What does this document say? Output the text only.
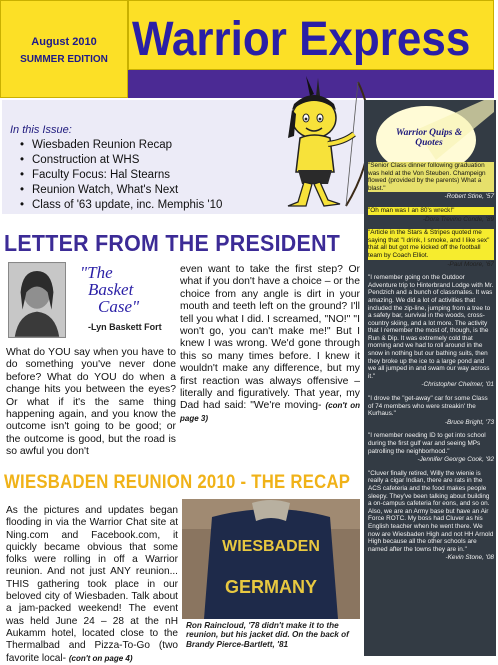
August 2010
SUMMER EDITION Warrior Express
In this Issue:
• Wiesbaden Reunion Recap
• Construction at WHS
• Faculty Focus: Hal Stearns
• Reunion Watch, What's Next
• Class of '63 update, inc. Memphis '10
Warrior Quips & Quotes
"Senior Class dinner following graduation was held at the Von Steuben. Champeign flowed (provided by the parents) What a blast."
-Robert Stine, '57
"Oh man was I an 80's wreck!"
-Dora Trevino Conde, '89
"Article in the Stars & Stripes quoted me saying that "I drink, I smoke, and I like sex" that all but got me kicked off the football team by Coach Elliot.
-Paul Moore, '67
"I remember going on the Outdoor Adventure trip to Hinterbrand Lodge with Mr. Pendzich and a bunch of classmates. It was amazing. We did a lot of activities that included the zip-line, jumping from a tree to a safety bar, survival in the woods, cross-country skiing, and a lot more. The activity that I remember the most of, though, is the Run & Dip. It was extremely cold that morning and we had to roll around in the snow in nothing but our bathing suits, then they broke up the ice to a large pond and we all jumped in and swam our way across it."
-Christopher Chelmer, '01
"I drove the "get-away" car for some Class of 74 members who were streakin' the Kurhaus."
-Bruce Bright, '73
"I remember needing ID to get into school during the first gulf war and seeing MPs patrolling the neighborhood."
-Jennifer George Cook, '92
"Cluver finally retired, Willy the wienie is really a cigar Indian, there are rats in the ACS cafeteria and the food makes people sleepy. They've been talking about building a on-campus cafeteria for eons, and so on. Also, we are an Army base but have an Air Force ROTC. My boss had Cluver as his English teacher when he went there. We now are Wiesbaden High and not HH Arnold High because all the other schools are named after the towns they are in."
-Kevin Stone, '08
LETTER FROM THE PRESIDENT
"The
Basket
Case"
-Lyn Baskett Fort
What do YOU say when you have to do something you've never done before? What do YOU do when a change hits you between the eyes? Or what if it's the same thing happening again, and you know the outcome isn't going to be good; or the outcome is good, but the road is so awful you don't
even want to take the first step? Or what if you don't have a choice – or the choice from any angle is dirt in your mouth and teeth left on the ground? I'll tell you what I did. I screamed, "NO!" "I won't go, you can't make me!" But I knew I was wrong. We'd gone through this so many times before. I knew it wouldn't make any difference, but my first reaction was always offensive – literally and figuratively. That year, my Dad had said: "We're moving- (con't on page 3)
WIESBADEN REUNION 2010 - THE RECAP
As the pictures and updates began flooding in via the Warrior Chat site at Ning.com and Facebook.com, it quickly became obvious that some folks were rolling in off a Warrior reunion. And not just ANY reunion... THIS gathering took place in our beloved city of Wiesbaden. Talk about a jam-packed weekend! The event was held June 24 – 28 at the nH Aukamm hotel, located close to the Thermalbad and Pizza-To-Go (two favorite local- (con't on page 4)
WIESBADEN
GERMANY
Ron Raincloud, '78 didn't make it to the reunion, but his jacket did. On the back of Brandy Pierce-Bartlett, '81
